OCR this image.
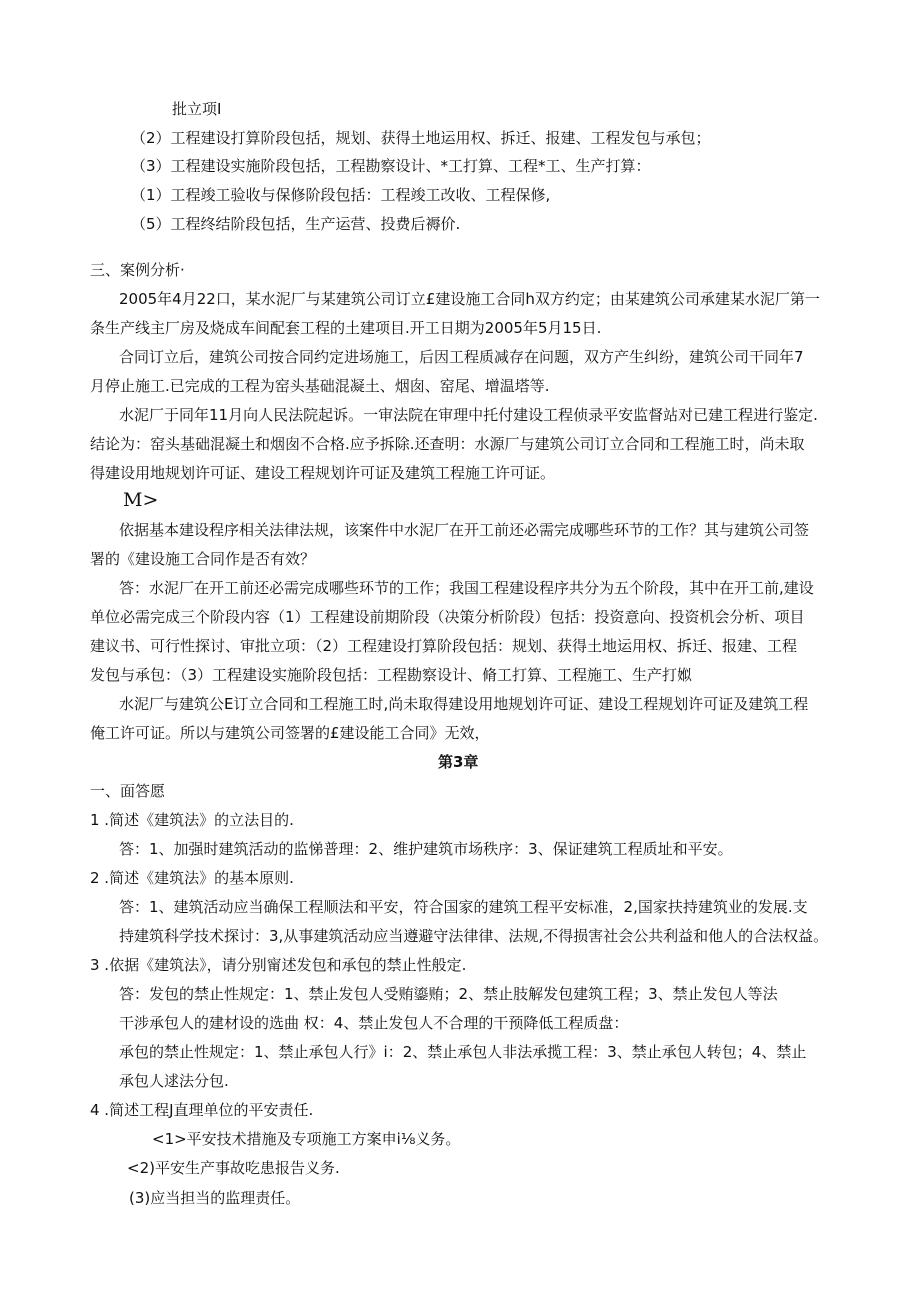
批立项I
（2）工程建设打算阶段包括，规划、获得土地运用权、拆迁、报建、工程发包与承包；
（3）工程建设实施阶段包括，工程勘察设计、*工打算、工程*工、生产打算：
（1）工程竣工验收与保修阶段包括：工程竣工改收、工程保修,
（5）工程终结阶段包括，生产运营、投费后褥价.
三、案例分析·
2005年4月22口，某水泥厂与某建筑公司订立£建设施工合同h双方约定；由某建筑公司承建某水泥厂第一
条生产线主厂房及烧成车间配套工程的土建项目.开工日期为2005年5月15日.
合同订立后，建筑公司按合同约定进场施工，后因工程质减存在问题，双方产生纠纷，建筑公司干同年7
月停止施工.已完成的工程为窑头基础混凝土、烟囱、窑尾、增温塔等.
水泥厂于同年11月向人民法院起诉。一审法院在审理中托付建设工程侦录平安监督站对已建工程进行鉴定.
结论为：窑头基础混凝土和烟囱不合格.应予拆除.还查明：水源厂与建筑公司订立合同和工程施工时，尚未取
得建设用地规划许可证、建设工程规划许可证及建筑工程施工许可证。
M>
依据基本建设程序相关法律法规，该案件中水泥厂在开工前还必需完成哪些环节的工作？其与建筑公司签
署的《建设施工合同作是否有效？
答：水泥厂在开工前还必需完成哪些环节的工作；我国工程建设程序共分为五个阶段，其中在开工前,建设
单位必需完成三个阶段内容（1）工程建设前期阶段（决策分析阶段）包括：投资意向、投资机会分析、项目
建议书、可行性探讨、审批立项：（2）工程建设打算阶段包括：规划、获得土地运用权、拆迁、报建、工程
发包与承包：（3）工程建设实施阶段包括：工程勘察设计、脩工打算、工程施工、生产打娰
水泥厂与建筑公E订立合同和工程施工时,尚未取得建设用地规划许可证、建设工程规划许可证及建筑工程
俺工许可证。所以与建筑公司签署的£建设能工合同》无效，
第3章
一、面答愿
1 .简述《建筑法》的立法目的.
答：1、加强时建筑活动的监悌普理：2、维护建筑市场秩序：3、保证建筑工程质址和平安。
2 .简述《建筑法》的基本原则.
答：1、建筑活动应当确保工程顺法和平安，符合国家的建筑工程平安标准，2,国家扶持建筑业的发展.支
持建筑科学技术探讨：3,从事建筑活动应当遵避守法律律、法规,不得损害社会公共利益和他人的合法权益。
3 .依据《建筑法》，请分别甯述发包和承包的禁止性般定.
答：发包的禁止性规定：1、禁止发包人受贿鎏贿；2、禁止肢解发包建筑工程；3、禁止发包人等法
干涉承包人的建材设的选曲 权：4、禁止发包人不合理的干预降低工程质盘：
承包的禁止性规定：1、禁止承包人行》i：2、禁止承包人非法承揽工程：3、禁止承包人转包；4、禁止
承包人逑法分包.
4 .简述工程J直理单位的平安责任.
<1>平安技术措施及专项施工方案申i⅛义务。
<2)平安生产事故吃患报告义务.
(3)应当担当的监理责任。
